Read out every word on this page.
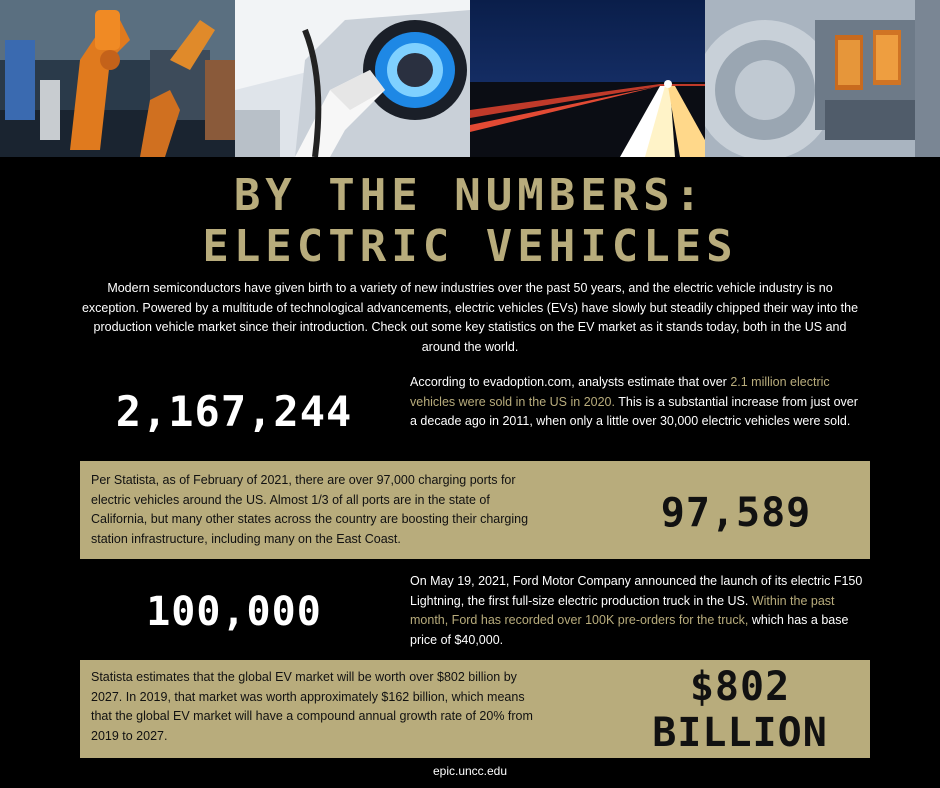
BY THE NUMBERS:
ELECTRIC VEHICLES
Modern semiconductors have given birth to a variety of new industries over the past 50 years, and the electric vehicle industry is no exception. Powered by a multitude of technological advancements, electric vehicles (EVs) have slowly but steadily chipped their way into the production vehicle market since their introduction. Check out some key statistics on the EV market as it stands today, both in the US and around the world.
2,167,244
According to evadoption.com, analysts estimate that over 2.1 million electric vehicles were sold in the US in 2020. This is a substantial increase from just over a decade ago in 2011, when only a little over 30,000 electric vehicles were sold.
Per Statista, as of February of 2021, there are over 97,000 charging ports for electric vehicles around the US. Almost 1/3 of all ports are in the state of California, but many other states across the country are boosting their charging station infrastructure, including many on the East Coast.
97,589
100,000
On May 19, 2021, Ford Motor Company announced the launch of its electric F150 Lightning, the first full-size electric production truck in the US. Within the past month, Ford has recorded over 100K pre-orders for the truck, which has a base price of $40,000.
Statista estimates that the global EV market will be worth over $802 billion by 2027. In 2019, that market was worth approximately $162 billion, which means that the global EV market will have a compound annual growth rate of 20% from 2019 to 2027.
$802
BILLION
epic.uncc.edu
